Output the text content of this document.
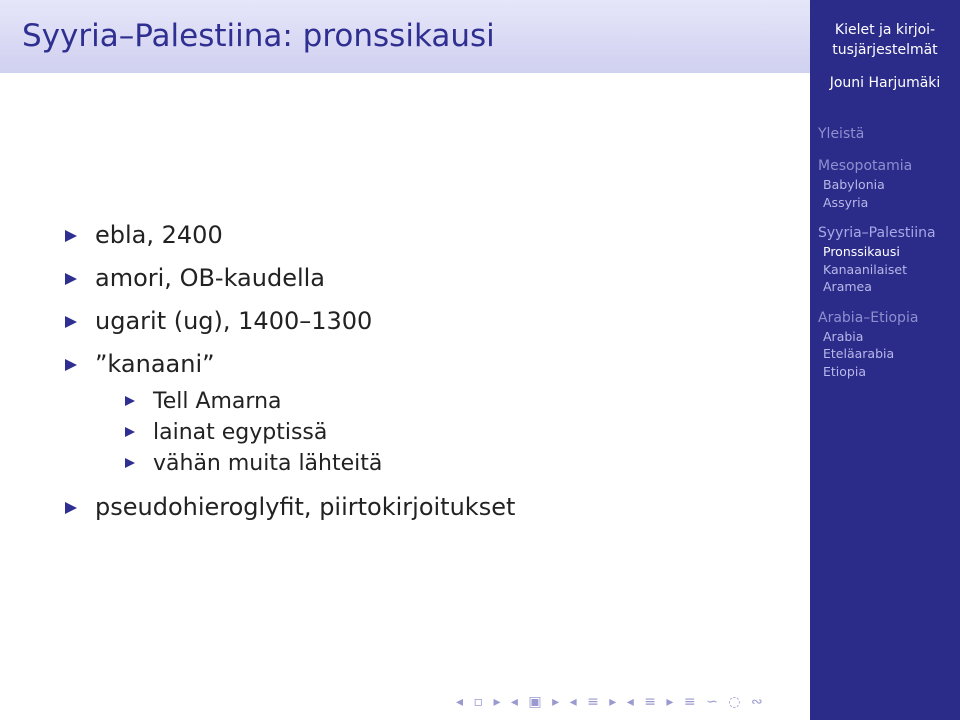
Syyria–Palestiina: pronssikausi	Kielet ja kirjoi-
tusjärjestelmät
Jouni Harjumäki
Yleistä
Mesopotamia
Babylonia
Assyria
Syyria–Palestiina
Pronssikausi
Kanaanilaiset
Aramea
Arabia–Etiopia
Arabia
Eteläarabia
Etiopia
ebla, 2400
amori, OB-kaudella
ugarit (ug), 1400–1300
”kanaani”
Tell Amarna
lainat egyptissä
vähän muita lähteitä
pseudohieroglyfit, piirtokirjoitukset
◂ ▫ ▸ ◂ ▣ ▸ ◂ ≡ ▸ ◂ ≡ ▸ ≡ ∽ ◌ ∾
